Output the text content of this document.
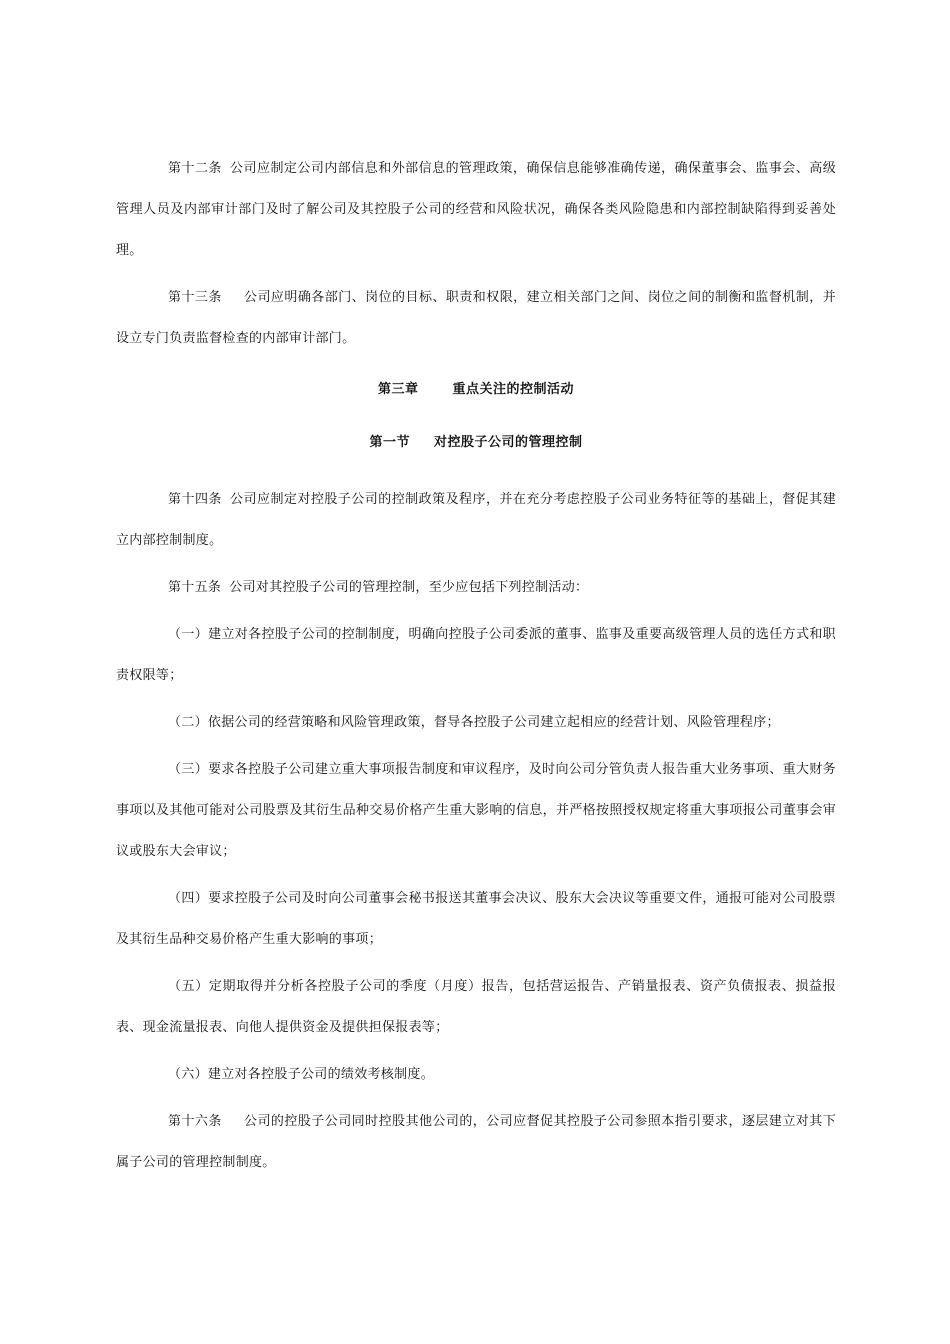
第十二条 公司应制定公司内部信息和外部信息的管理政策，确保信息能够准确传递，确保董事会、监事会、高级管理人员及内部审计部门及时了解公司及其控股子公司的经营和风险状况，确保各类风险隐患和内部控制缺陷得到妥善处理。

第十三条 公司应明确各部门、岗位的目标、职责和权限，建立相关部门之间、岗位之间的制衡和监督机制，并设立专门负责监督检查的内部审计部门。

第三章	重点关注的控制活动

第一节 对控股子公司的管理控制

第十四条 公司应制定对控股子公司的控制政策及程序，并在充分考虑控股子公司业务特征等的基础上，督促其建立内部控制制度。

第十五条 公司对其控股子公司的管理控制，至少应包括下列控制活动：

（一）建立对各控股子公司的控制制度，明确向控股子公司委派的董事、监事及重要高级管理人员的选任方式和职责权限等；

（二）依据公司的经营策略和风险管理政策，督导各控股子公司建立起相应的经营计划、风险管理程序；

（三）要求各控股子公司建立重大事项报告制度和审议程序，及时向公司分管负责人报告重大业务事项、重大财务事项以及其他可能对公司股票及其衍生品种交易价格产生重大影响的信息，并严格按照授权规定将重大事项报公司董事会审议或股东大会审议；

（四）要求控股子公司及时向公司董事会秘书报送其董事会决议、股东大会决议等重要文件，通报可能对公司股票及其衍生品种交易价格产生重大影响的事项；

（五）定期取得并分析各控股子公司的季度（月度）报告，包括营运报告、产销量报表、资产负债报表、损益报表、现金流量报表、向他人提供资金及提供担保报表等；

（六）建立对各控股子公司的绩效考核制度。

第十六条 公司的控股子公司同时控股其他公司的，公司应督促其控股子公司参照本指引要求，逐层建立对其下属子公司的管理控制制度。
